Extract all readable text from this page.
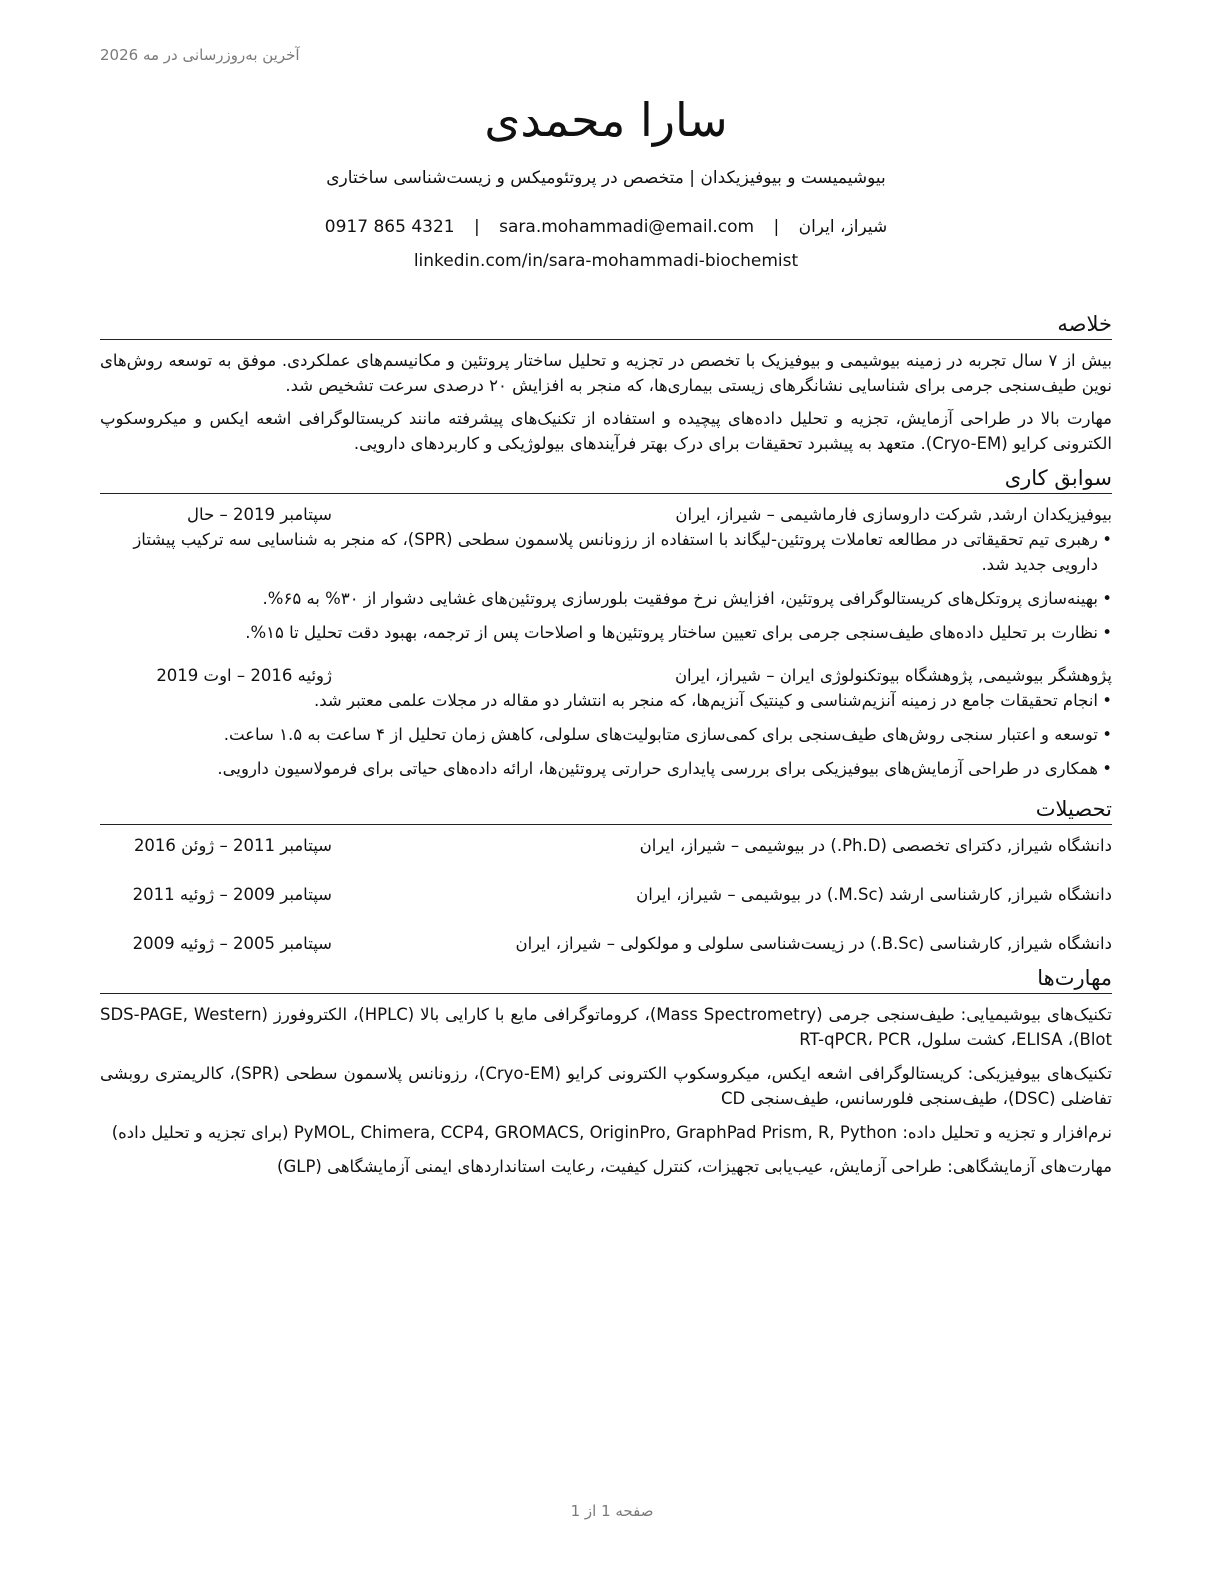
آخرین به‌روزرسانی در مه 2026
سارا محمدی
بیوشیمیست و بیوفیزیکدان | متخصص در پروتئومیکس و زیست‌شناسی ساختاری
شیراز، ایران | sara.mohammadi@email.com | 0917 865 4321
linkedin.com/in/sara-mohammadi-biochemist
خلاصه

بیش از ۷ سال تجربه در زمینه بیوشیمی و بیوفیزیک با تخصص در تجزیه و تحلیل ساختار پروتئین و مکانیسم‌های عملکردی. موفق به توسعه روش‌های نوین طیف‌سنجی جرمی برای شناسایی نشانگرهای زیستی بیماری‌ها، که منجر به افزایش ۲۰ درصدی سرعت تشخیص شد.

مهارت بالا در طراحی آزمایش، تجزیه و تحلیل داده‌های پیچیده و استفاده از تکنیک‌های پیشرفته مانند کریستالوگرافی اشعه ایکس و میکروسکوپ الکترونی کرایو (Cryo-EM). متعهد به پیشبرد تحقیقات برای درک بهتر فرآیندهای بیولوژیکی و کاربردهای دارویی.

سوابق کاری
بیوفیزیکدان ارشد, شرکت داروسازی فارماشیمی – شیراز، ایران
سپتامبر 2019 – حال
• رهبری تیم تحقیقاتی در مطالعه تعاملات پروتئین-لیگاند با استفاده از رزونانس پلاسمون سطحی (SPR)، که منجر به شناسایی سه ترکیب پیشتاز دارویی جدید شد.
• بهینه‌سازی پروتکل‌های کریستالوگرافی پروتئین، افزایش نرخ موفقیت بلورسازی پروتئین‌های غشایی دشوار از ۳۰% به ۶۵%.
• نظارت بر تحلیل داده‌های طیف‌سنجی جرمی برای تعیین ساختار پروتئین‌ها و اصلاحات پس از ترجمه، بهبود دقت تحلیل تا ۱۵%.
پژوهشگر بیوشیمی, پژوهشگاه بیوتکنولوژی ایران – شیراز، ایران
ژوئیه 2016 – اوت 2019
• انجام تحقیقات جامع در زمینه آنزیم‌شناسی و کینتیک آنزیم‌ها، که منجر به انتشار دو مقاله در مجلات علمی معتبر شد.
• توسعه و اعتبار سنجی روش‌های طیف‌سنجی برای کمی‌سازی متابولیت‌های سلولی، کاهش زمان تحلیل از ۴ ساعت به ۱.۵ ساعت.
• همکاری در طراحی آزمایش‌های بیوفیزیکی برای بررسی پایداری حرارتی پروتئین‌ها، ارائه داده‌های حیاتی برای فرمولاسیون دارویی.
تحصیلات
دانشگاه شیراز, دکترای تخصصی (Ph.D.) در بیوشیمی – شیراز، ایران
سپتامبر 2011 – ژوئن 2016
دانشگاه شیراز, کارشناسی ارشد (M.Sc.) در بیوشیمی – شیراز، ایران
سپتامبر 2009 – ژوئیه 2011
دانشگاه شیراز, کارشناسی (B.Sc.) در زیست‌شناسی سلولی و مولکولی – شیراز، ایران
سپتامبر 2005 – ژوئیه 2009
مهارت‌ها

تکنیک‌های بیوشیمیایی: طیف‌سنجی جرمی (Mass Spectrometry)، کروماتوگرافی مایع با کارایی بالا (HPLC)، الکتروفورز (SDS-PAGE, Western Blot)، ELISA، کشت سلول، RT-qPCR، PCR

تکنیک‌های بیوفیزیکی: کریستالوگرافی اشعه ایکس، میکروسکوپ الکترونی کرایو (Cryo-EM)، رزونانس پلاسمون سطحی (SPR)، کالریمتری روبشی تفاضلی (DSC)، طیف‌سنجی فلورسانس، طیف‌سنجی CD

نرم‌افزار و تجزیه و تحلیل داده: PyMOL, Chimera, CCP4, GROMACS, OriginPro, GraphPad Prism, R, Python (برای تجزیه و تحلیل داده)

مهارت‌های آزمایشگاهی: طراحی آزمایش، عیب‌یابی تجهیزات، کنترل کیفیت، رعایت استانداردهای ایمنی آزمایشگاهی (GLP)

صفحه 1 از 1
